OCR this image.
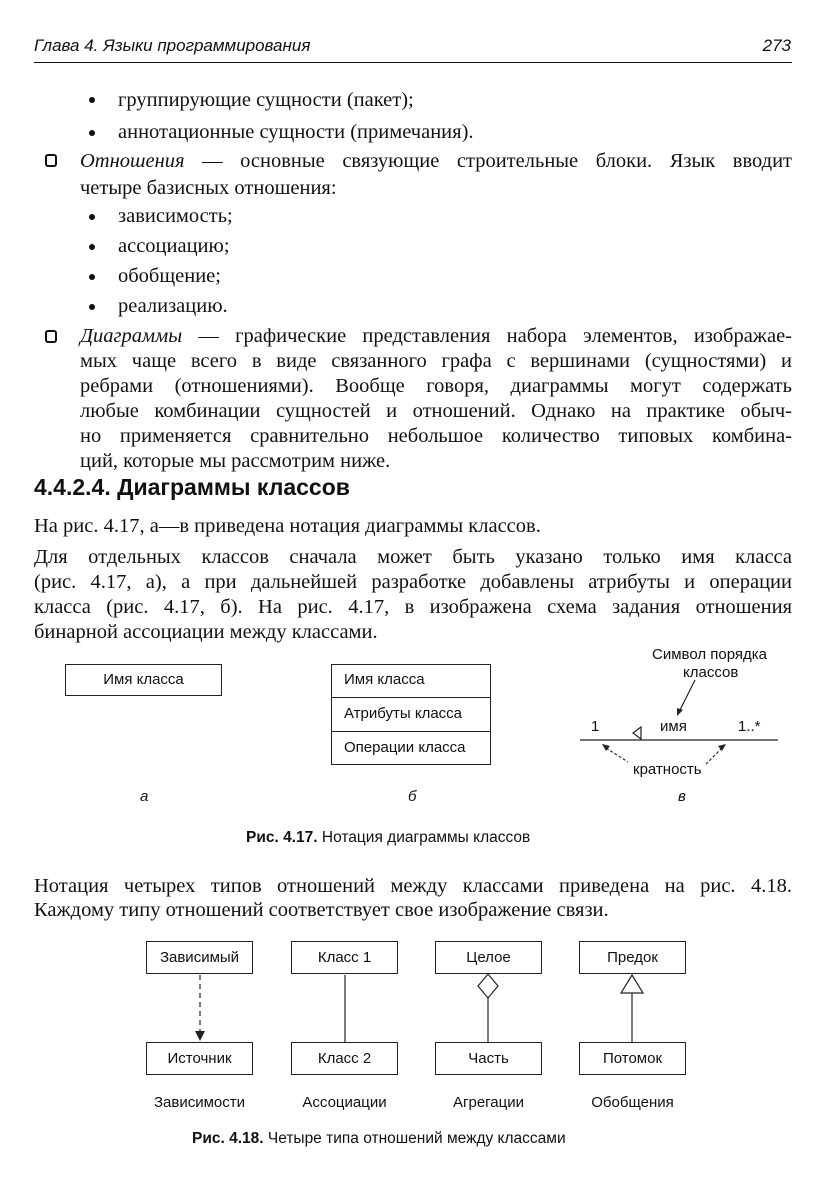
Глава 4. Языки программирования	273
группирующие сущности (пакет);
аннотационные сущности (примечания).
Отношения — основные связующие строительные блоки. Язык вводит
четыре базисных отношения:
зависимость;
ассоциацию;
обобщение;
реализацию.
Диаграммы — графические представления набора элементов, изображае-
мых чаще всего в виде связанного графа с вершинами (сущностями) и
ребрами (отношениями). Вообще говоря, диаграммы могут содержать
любые комбинации сущностей и отношений. Однако на практике обыч-
но применяется сравнительно небольшое количество типовых комбина-
ций, которые мы рассмотрим ниже.
4.4.2.4. Диаграммы классов
На рис. 4.17, а—в приведена нотация диаграммы классов.
Для отдельных классов сначала может быть указано только имя класса
(рис. 4.17, а), а при дальнейшей разработке добавлены атрибуты и операции
класса (рис. 4.17, б). На рис. 4.17, в изображена схема задания отношения
бинарной ассоциации между классами.
Имя класса
а
Имя класса
Атрибуты класса
Операции класса
б
Символ порядка
классов
1	имя	1..*
кратность
в
Рис. 4.17. Нотация диаграммы классов
Нотация четырех типов отношений между классами приведена на рис. 4.18.
Каждому типу отношений соответствует свое изображение связи.
Зависимый
Источник
Класс 1
Класс 2
Целое
Часть
Предок
Потомок
Зависимости	Ассоциации	Агрегации	Обобщения
Рис. 4.18. Четыре типа отношений между классами
